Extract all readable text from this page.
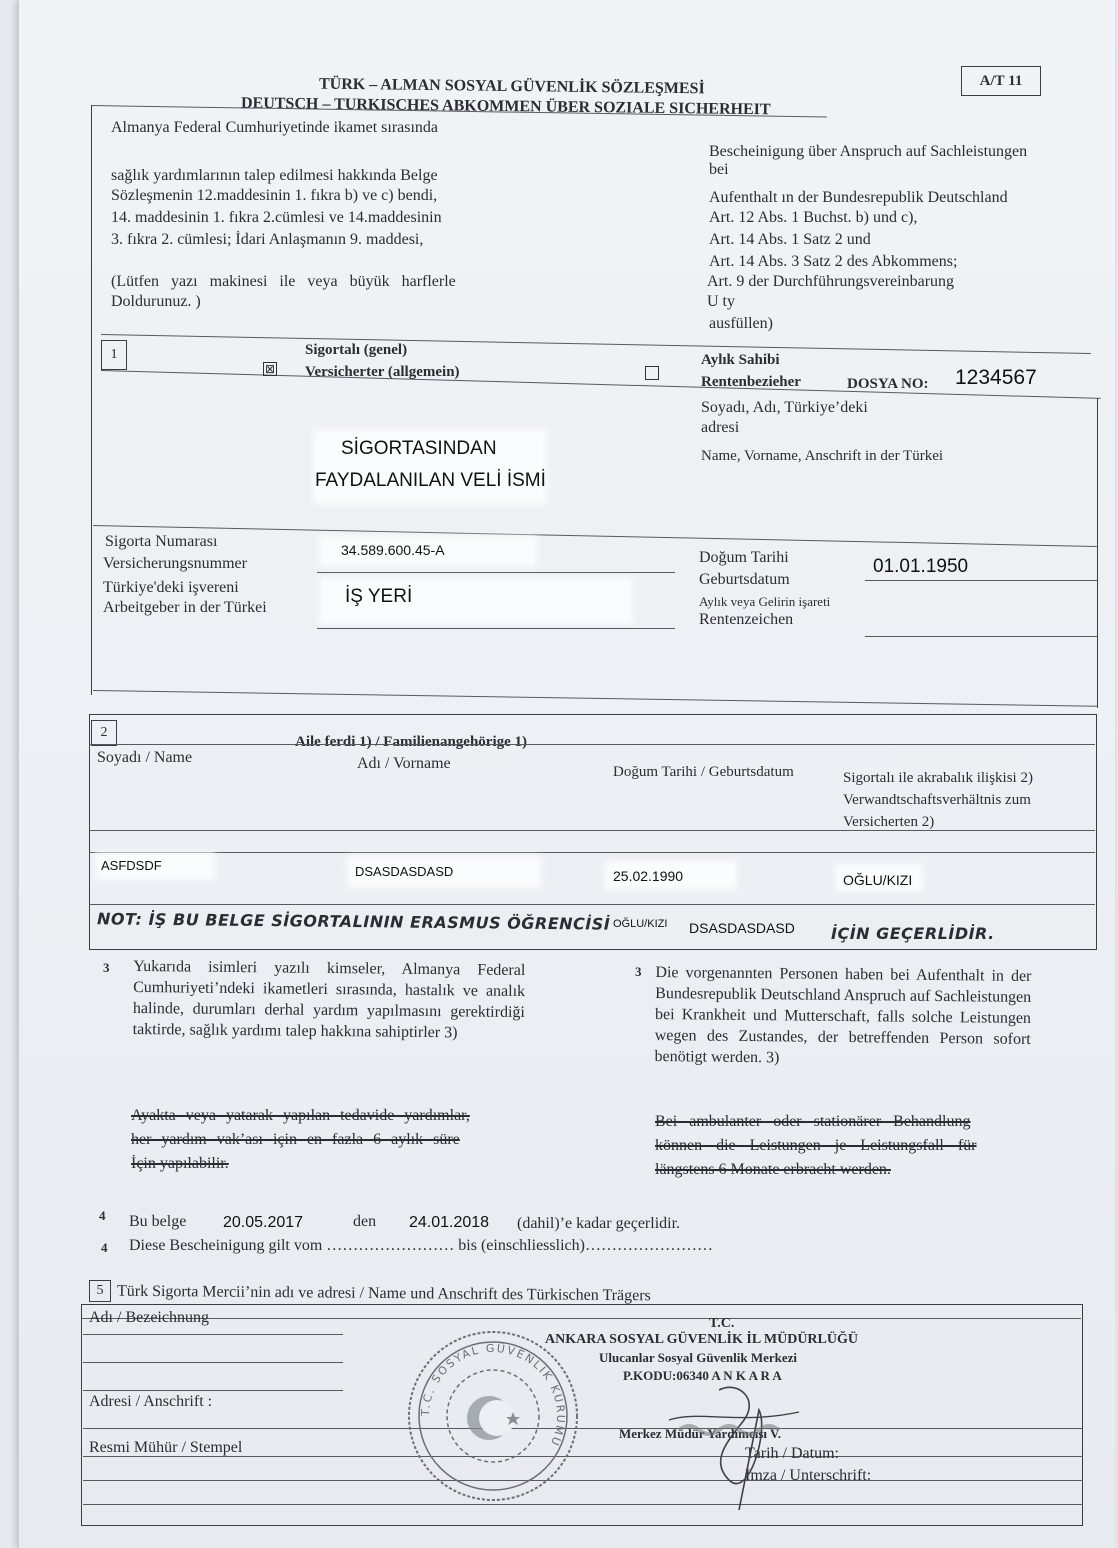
TÜRK – ALMAN SOSYAL GÜVENLİK SÖZLEŞMESİ
DEUTSCH – TURKISCHES ABKOMMEN ÜBER SOZIALE SICHERHEIT
A/T 11
Almanya Federal Cumhuriyetinde ikamet sırasında
sağlık yardımlarının talep edilmesi hakkında Belge
Sözleşmenin 12.maddesinin 1. fıkra b) ve c) bendi,
14. maddesinin 1. fıkra 2.cümlesi ve 14.maddesinin
3. fıkra 2. cümlesi; İdari Anlaşmanın 9. maddesi,
(Lütfen yazı makinesi ile veya büyük harflerle
Doldurunuz. )
Bescheinigung über Anspruch auf Sachleistungen
bei
Aufenthalt ın der Bundesrepublik Deutschland
Art. 12 Abs. 1 Buchst. b) und c),
Art. 14 Abs. 1 Satz 2 und
Art. 14 Abs. 3 Satz 2 des Abkommens;
Art. 9 der Durchführungsvereinbarung
U ty
ausfüllen)
1	Sigortalı (genel)
Versicherter (allgemein)
⊠
Aylık Sahibi
Rentenbezieher	DOSYA NO: 1234567
Soyadı, Adı, Türkiye’deki
adresi
Name, Vorname, Anschrift in der Türkei
SİGORTASINDAN
FAYDALANILAN VELİ İSMİ
Sigorta Numarası
Versicherungsnummer
34.589.600.45-A
Türkiye'deki işvereni
Arbeitgeber in der Türkei
İŞ YERİ
Doğum Tarihi
Geburtsdatum
01.01.1950
Aylık veya Gelirin işareti
Rentenzeichen
2
Aile ferdi 1) / Familienangehörige 1)
Soyadı / Name	Adı / Vorname	Doğum Tarihi / Geburtsdatum	Sigortalı ile akrabalık ilişkisi 2)
Verwandtschaftsverhältnis zum
Versicherten 2)
ASFDSDF	DSASDASDASD	25.02.1990	OĞLU/KIZI
NOT: İŞ BU BELGE SİGORTALININ ERASMUS ÖĞRENCİSİ OĞLU/KIZI DSASDASDASD İÇİN GEÇERLİDİR.
3 Yukarıda isimleri yazılı kimseler, Almanya Federal Cumhuriyeti’ndeki ikametleri sırasında, hastalık ve analık halinde, durumları derhal yardım yapılmasını gerektirdiği taktirde, sağlık yardımı talep hakkına sahiptirler 3)
3 Die vorgenannten Personen haben bei Aufenthalt in der Bundesrepublik Deutschland Anspruch auf Sachleistungen bei Krankheit und Mutterschaft, falls solche Leistungen wegen des Zustandes, der betreffenden Person sofort benötigt werden. 3)
Ayakta veya yatarak yapılan tedavide yardımlar,
her yardım vak’ası için en fazla 6 aylık süre
İçin yapılabilir.
Bei ambulanter oder stationärer Behandlung
können die Leistungen je Leistungsfall für
längstens 6 Monate erbracht werden.
4 Bu belge 20.05.2017	den 24.01.2018 (dahil)’e kadar geçerlidir.
4 Diese Bescheinigung gilt vom …………………… bis (einschliesslich)……………………
5 Türk Sigorta Mercii’nin adı ve adresi / Name und Anschrift des Türkischen Trägers
Adı / Bezeichnung
Adresi / Anschrift :
Resmi Mühür / Stempel
T.C.
ANKARA SOSYAL GÜVENLİK İL MÜDÜRLÜĞÜ
Ulucanlar Sosyal Güvenlik Merkezi
P.KODU:06340 A N K A R A
Merkez Müdür Yardımcısı V.
Tarih / Datum:
İmza / Unterschrift:
T.C. SOSYAL GÜVENLİK KURUMU
